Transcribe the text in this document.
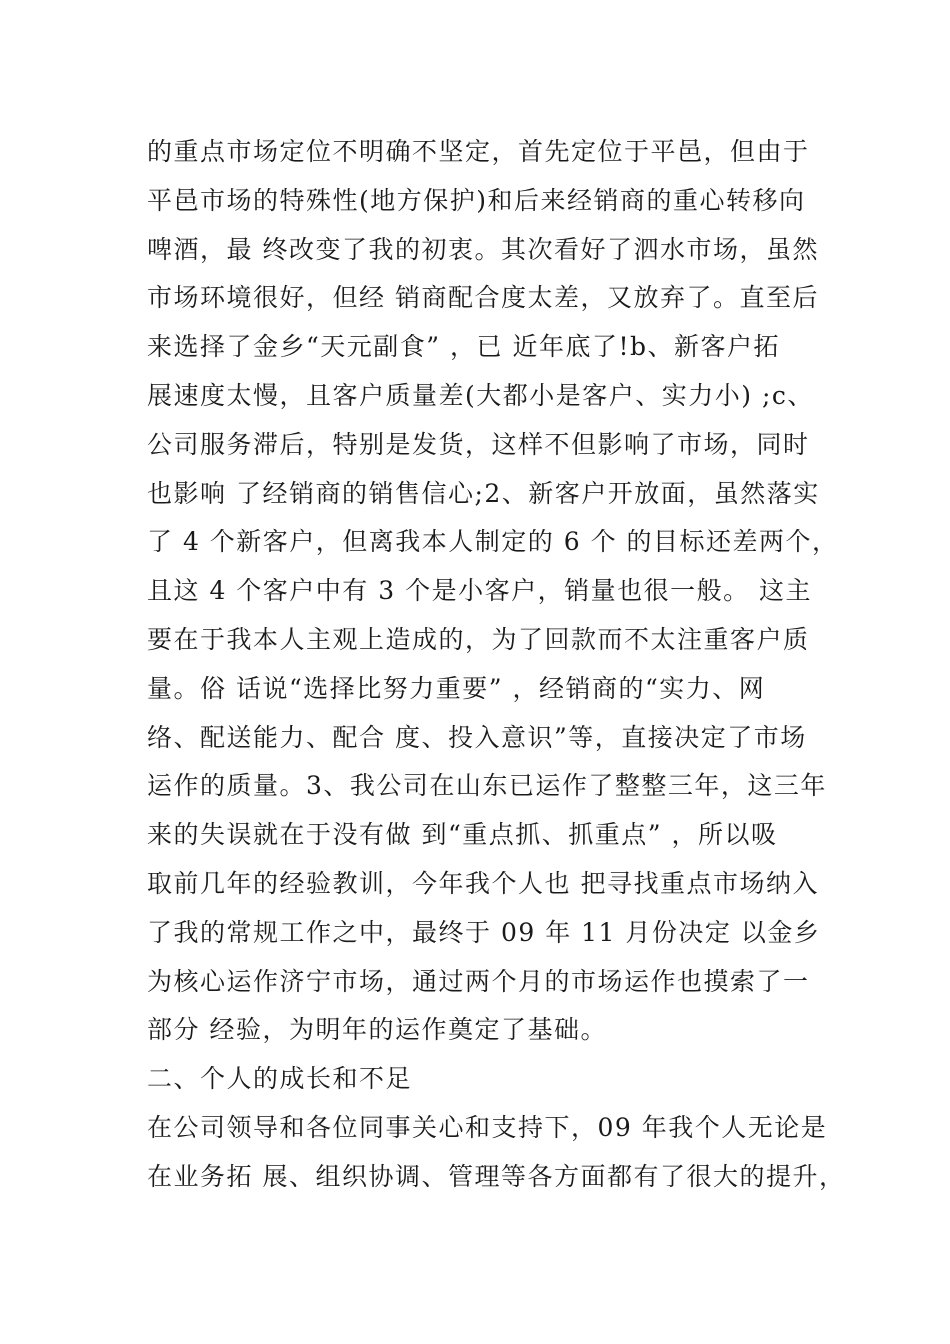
的重点市场定位不明确不坚定，首先定位于平邑，但由于
平邑市场的特殊性(地方保护)和后来经销商的重心转移向
啤酒，最 终改变了我的初衷。其次看好了泗水市场，虽然
市场环境很好，但经 销商配合度太差，又放弃了。直至后
来选择了金乡“天元副食” ，已 近年底了!b、新客户拓
展速度太慢，且客户质量差(大都小是客户、实力小) ;c、
公司服务滞后，特别是发货，这样不但影响了市场，同时
也影响 了经销商的销售信心;2、新客户开放面，虽然落实
了 4 个新客户，但离我本人制定的 6 个 的目标还差两个，
且这 4 个客户中有 3 个是小客户，销量也很一般。 这主
要在于我本人主观上造成的，为了回款而不太注重客户质
量。俗 话说“选择比努力重要” ，经销商的“实力、网
络、配送能力、配合 度、投入意识”等，直接决定了市场
运作的质量。3、我公司在山东已运作了整整三年，这三年
来的失误就在于没有做 到“重点抓、抓重点” ，所以吸
取前几年的经验教训，今年我个人也 把寻找重点市场纳入
了我的常规工作之中，最终于 09 年 11 月份决定 以金乡
为核心运作济宁市场，通过两个月的市场运作也摸索了一
部分 经验，为明年的运作奠定了基础。
二、个人的成长和不足
在公司领导和各位同事关心和支持下，09 年我个人无论是
在业务拓 展、组织协调、管理等各方面都有了很大的提升，
